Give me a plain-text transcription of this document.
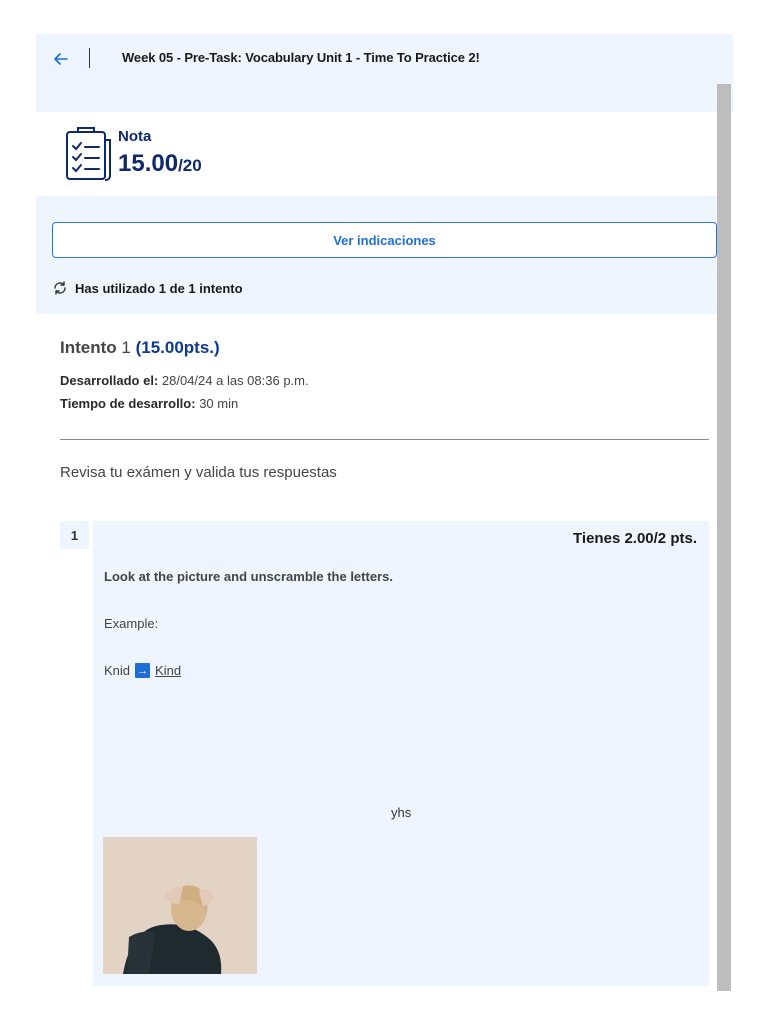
Week 05 - Pre-Task: Vocabulary Unit 1 - Time To Practice 2!
Nota
15.00/20
Ver indicaciones
Has utilizado 1 de 1 intento
Intento 1 (15.00pts.)
Desarrollado el: 28/04/24 a las 08:36 p.m.
Tiempo de desarrollo: 30 min
Revisa tu exámen y valida tus respuestas
1	Tienes 2.00/2 pts.
Look at the picture and unscramble the letters.
Example:
Knid → Kind
yhs
